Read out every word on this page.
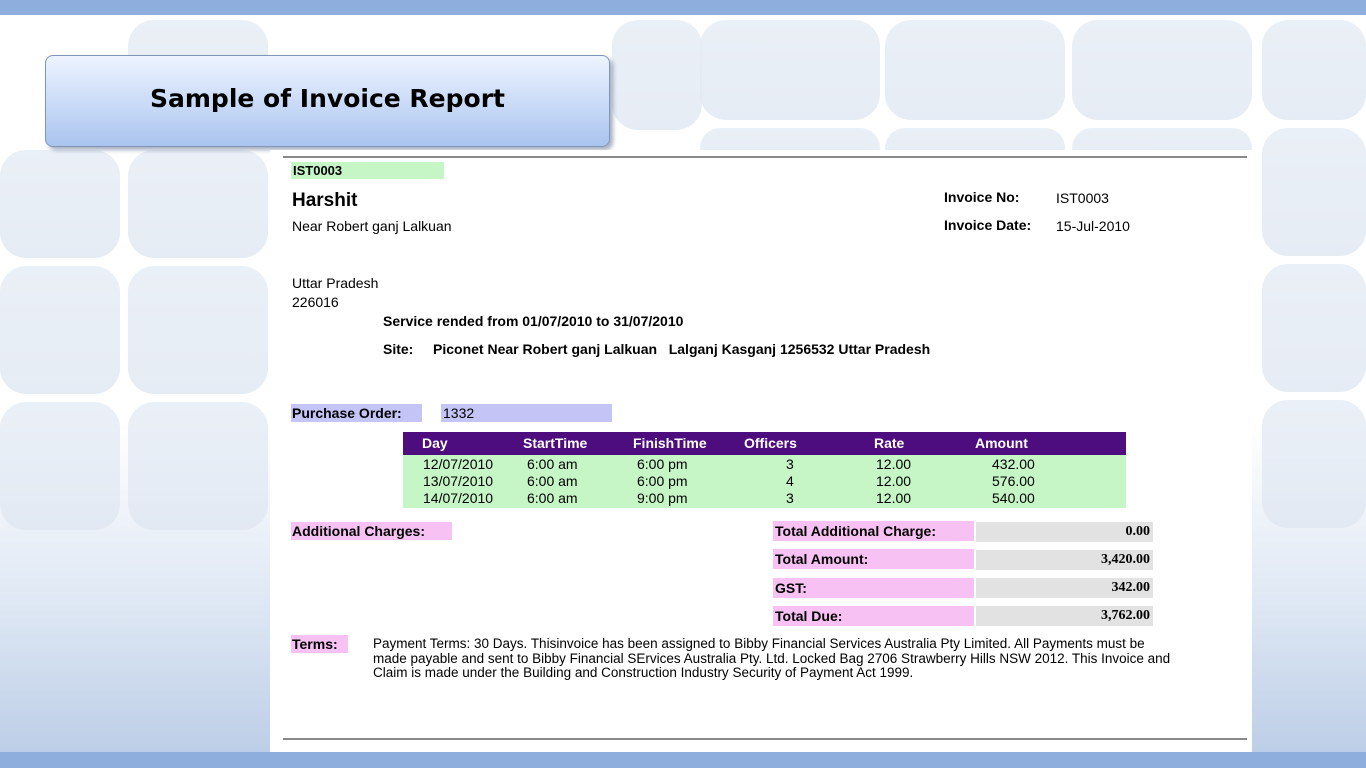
Sample of Invoice Report
IST0003
Harshit
Near Robert ganj Lalkuan
Uttar Pradesh
226016
Invoice No:	IST0003
Invoice Date: 15-Jul-2010
Service rended from 01/07/2010 to 31/07/2010
Site: Piconet Near Robert ganj Lalkuan   Lalganj Kasganj 1256532 Uttar Pradesh
Purchase Order:	1332
Day	StartTime	FinishTime	Officers	Rate	Amount
12/07/2010 6:00 am	6:00 pm	3	12.00	432.00
13/07/2010 6:00 am	6:00 pm	4	12.00	576.00
14/07/2010 6:00 am	9:00 pm	3	12.00	540.00
Additional Charges:	Total Additional Charge:	0.00
Total Amount:	3,420.00
GST:	342.00
Total Due:	3,762.00
Terms:	Payment Terms: 30 Days. Thisinvoice has been assigned to Bibby Financial Services Australia Pty Limited. All Payments must be made payable and sent to Bibby Financial SErvices Australia Pty. Ltd. Locked Bag 2706 Strawberry Hills NSW 2012. This Invoice and Claim is made under the Building and Construction Industry Security of Payment Act 1999.
